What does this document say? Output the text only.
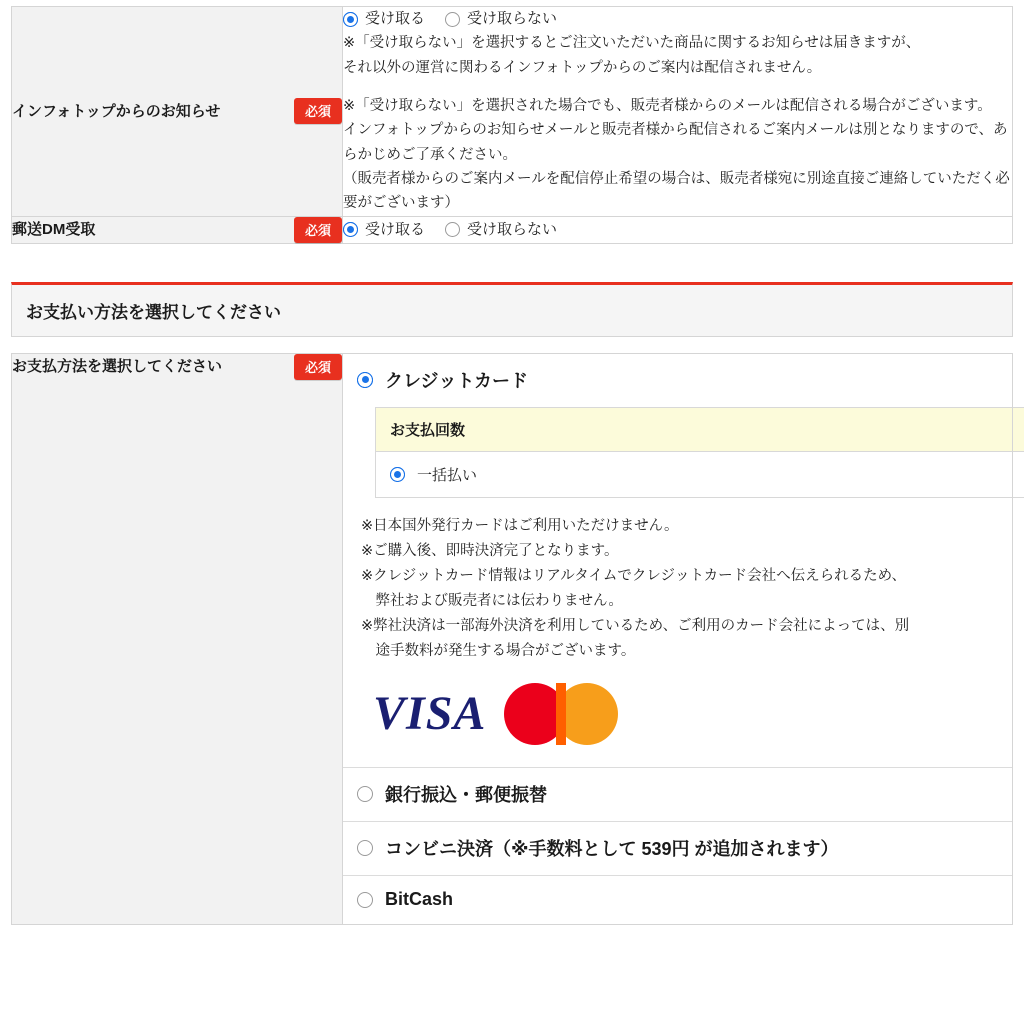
インフォトップからのお知らせ	必須

受け取る	受け取らない

※「受け取らない」を選択するとご注文いただいた商品に関するお知らせは届きますが、

それ以外の運営に関わるインフォトップからのご案内は配信されません。

※「受け取らない」を選択された場合でも、販売者様からのメールは配信される場合がございます。

インフォトップからのお知らせメールと販売者様から配信されるご案内メールは別となりますので、あらかじめご了承ください。

（販売者様からのご案内メールを配信停止希望の場合は、販売者様宛に別途直接ご連絡していただく必要がございます）

郵送DM受取 必須	受け取る 受け取らない
お支払い方法を選択してください
お支払方法を選択してください	必須

クレジットカード
お支払回数
一括払い
※日本国外発行カードはご利用いただけません。
※ご購入後、即時決済完了となります。
※クレジットカード情報はリアルタイムでクレジットカード会社へ伝えられるため、
弊社および販売者には伝わりません。
※弊社決済は一部海外決済を利用しているため、ご利用のカード会社によっては、別
途手数料が発生する場合がございます。
VISA
銀行振込・郵便振替
コンビニ決済（※手数料として 539円 が追加されます）
BitCash
